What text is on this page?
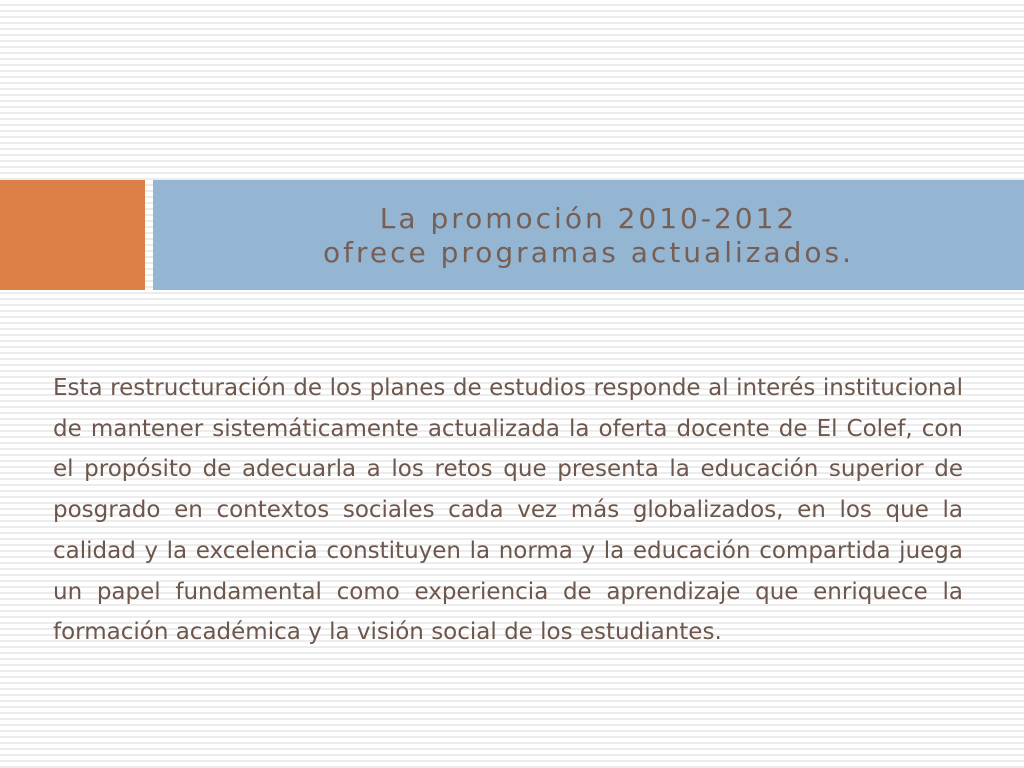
La promoción 2010-2012
ofrece programas actualizados.

Esta restructuración de los planes de estudios responde al interés institucional de mantener sistemáticamente actualizada la oferta docente de El Colef, con el propósito de adecuarla a los retos que presenta la educación superior de posgrado en contextos sociales cada vez más globalizados, en los que la calidad y la excelencia constituyen la norma y la educación compartida juega un papel fundamental como experiencia de aprendizaje que enriquece la formación académica y la visión social de los estudiantes.
